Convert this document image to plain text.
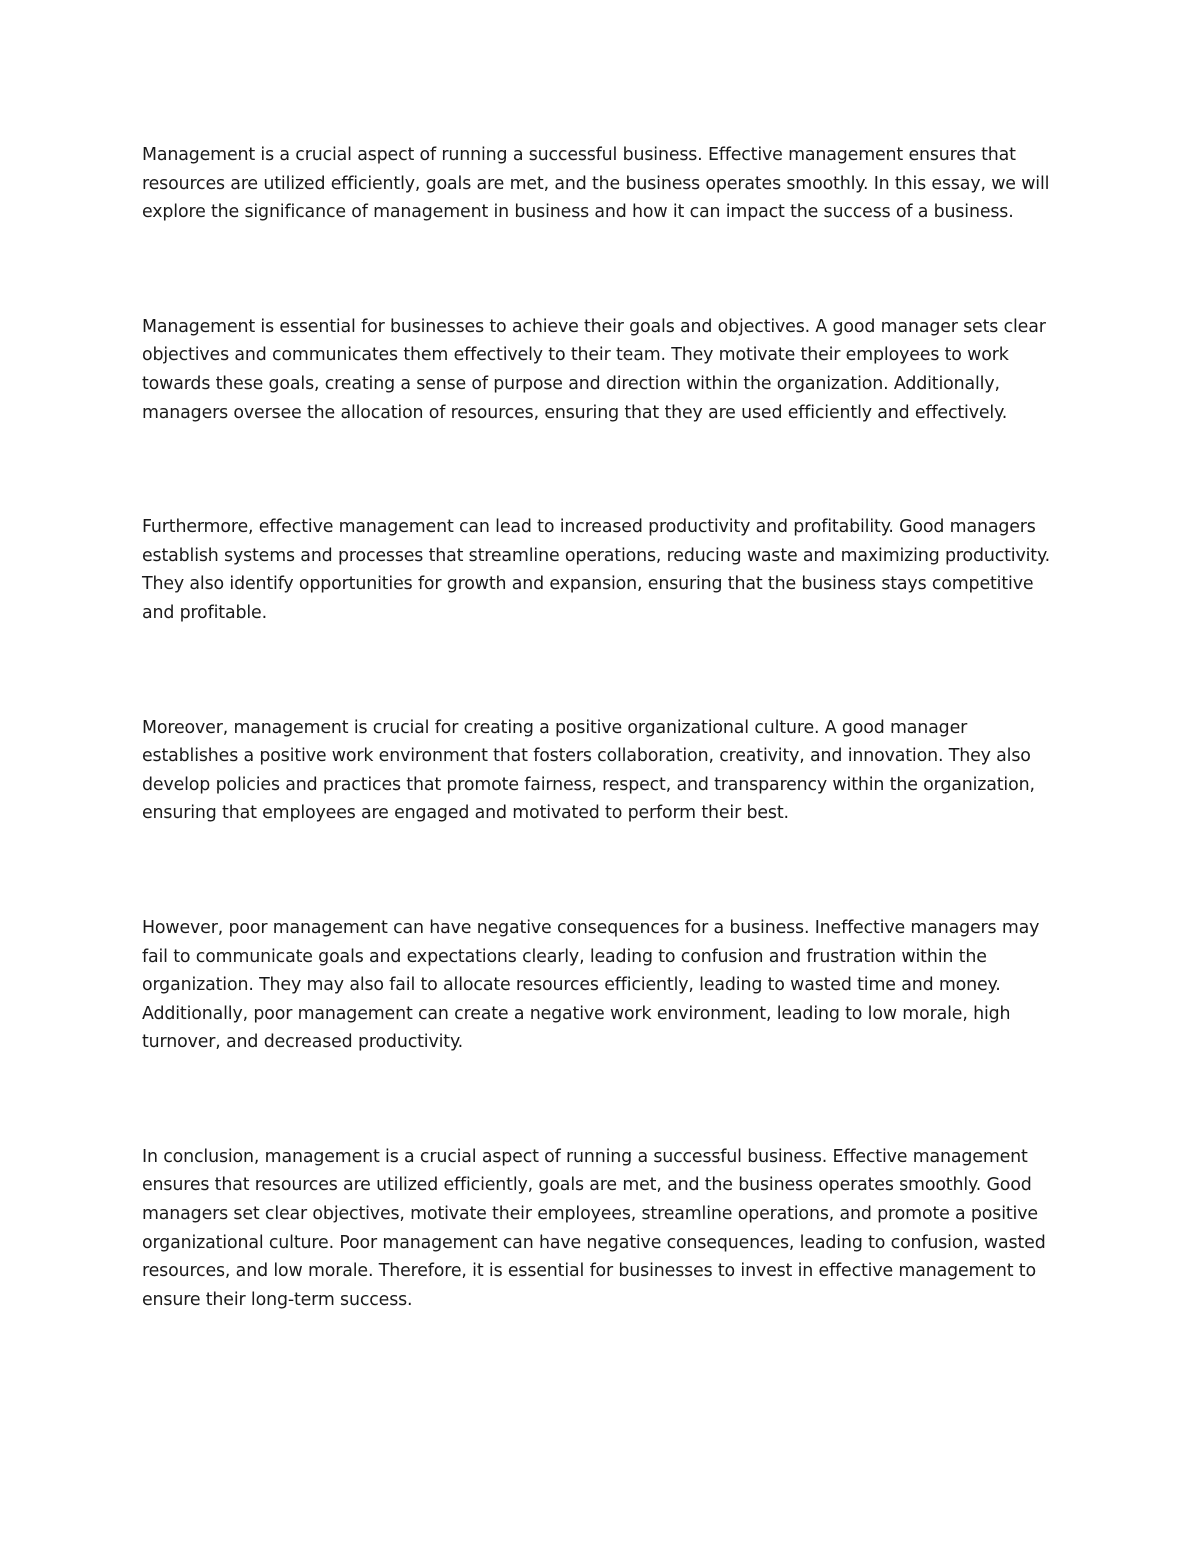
Management is a crucial aspect of running a successful business. Effective management ensures that
resources are utilized efficiently, goals are met, and the business operates smoothly. In this essay, we will
explore the significance of management in business and how it can impact the success of a business.

Management is essential for businesses to achieve their goals and objectives. A good manager sets clear
objectives and communicates them effectively to their team. They motivate their employees to work
towards these goals, creating a sense of purpose and direction within the organization. Additionally,
managers oversee the allocation of resources, ensuring that they are used efficiently and effectively.

Furthermore, effective management can lead to increased productivity and profitability. Good managers
establish systems and processes that streamline operations, reducing waste and maximizing productivity.
They also identify opportunities for growth and expansion, ensuring that the business stays competitive
and profitable.

Moreover, management is crucial for creating a positive organizational culture. A good manager
establishes a positive work environment that fosters collaboration, creativity, and innovation. They also
develop policies and practices that promote fairness, respect, and transparency within the organization,
ensuring that employees are engaged and motivated to perform their best.

However, poor management can have negative consequences for a business. Ineffective managers may
fail to communicate goals and expectations clearly, leading to confusion and frustration within the
organization. They may also fail to allocate resources efficiently, leading to wasted time and money.
Additionally, poor management can create a negative work environment, leading to low morale, high
turnover, and decreased productivity.

In conclusion, management is a crucial aspect of running a successful business. Effective management
ensures that resources are utilized efficiently, goals are met, and the business operates smoothly. Good
managers set clear objectives, motivate their employees, streamline operations, and promote a positive
organizational culture. Poor management can have negative consequences, leading to confusion, wasted
resources, and low morale. Therefore, it is essential for businesses to invest in effective management to
ensure their long-term success.
